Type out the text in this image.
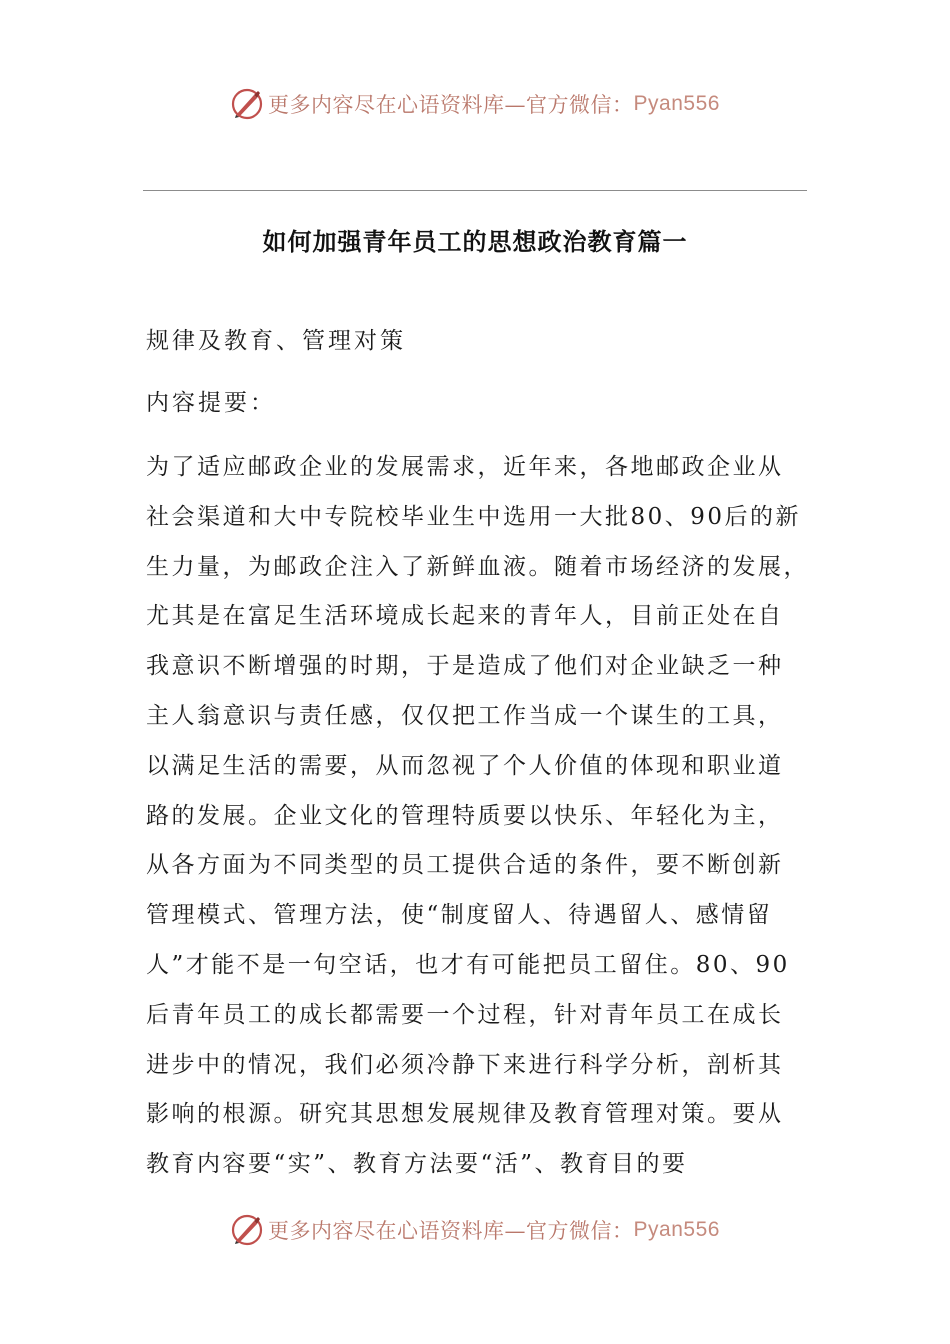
更多内容尽在心语资料库—官方微信： Pyan556
如何加强青年员工的思想政治教育篇一
规律及教育、管理对策
内容提要：
为了适应邮政企业的发展需求，近年来，各地邮政企业从
社会渠道和大中专院校毕业生中选用一大批80、90后的新
生力量，为邮政企注入了新鲜血液。随着市场经济的发展，
尤其是在富足生活环境成长起来的青年人，目前正处在自
我意识不断增强的时期，于是造成了他们对企业缺乏一种
主人翁意识与责任感，仅仅把工作当成一个谋生的工具，
以满足生活的需要，从而忽视了个人价值的体现和职业道
路的发展。企业文化的管理特质要以快乐、年轻化为主，
从各方面为不同类型的员工提供合适的条件，要不断创新
管理模式、管理方法，使“制度留人、待遇留人、感情留
人”才能不是一句空话，也才有可能把员工留住。80、90
后青年员工的成长都需要一个过程，针对青年员工在成长
进步中的情况，我们必须冷静下来进行科学分析，剖析其
影响的根源。研究其思想发展规律及教育管理对策。要从
教育内容要“实”、教育方法要“活”、教育目的要
更多内容尽在心语资料库—官方微信： Pyan556
